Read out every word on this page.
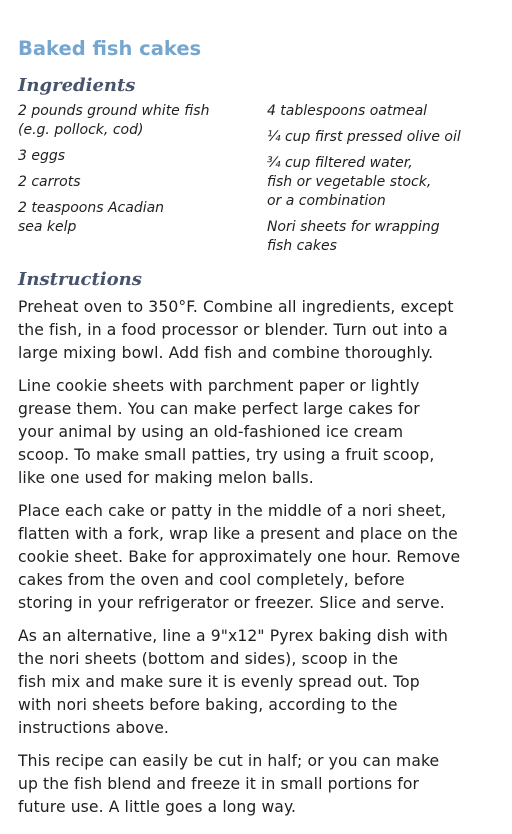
Baked fish cakes
Ingredients

2 pounds ground white fish
(e.g. pollock, cod)

3 eggs

2 carrots

2 teaspoons Acadian
sea kelp

4 tablespoons oatmeal

¼ cup first pressed olive oil

¾ cup filtered water,
fish or vegetable stock,
or a combination

Nori sheets for wrapping
fish cakes

Instructions

Preheat oven to 350°F. Combine all ingredients, except
the fish, in a food processor or blender. Turn out into a
large mixing bowl. Add fish and combine thoroughly.

Line cookie sheets with parchment paper or lightly
grease them. You can make perfect large cakes for
your animal by using an old-fashioned ice cream
scoop. To make small patties, try using a fruit scoop,
like one used for making melon balls.

Place each cake or patty in the middle of a nori sheet,
flatten with a fork, wrap like a present and place on the
cookie sheet. Bake for approximately one hour. Remove
cakes from the oven and cool completely, before
storing in your refrigerator or freezer. Slice and serve.

As an alternative, line a 9"x12" Pyrex baking dish with
the nori sheets (bottom and sides), scoop in the
fish mix and make sure it is evenly spread out. Top
with nori sheets before baking, according to the
instructions above.

This recipe can easily be cut in half; or you can make
up the fish blend and freeze it in small portions for
future use. A little goes a long way.
